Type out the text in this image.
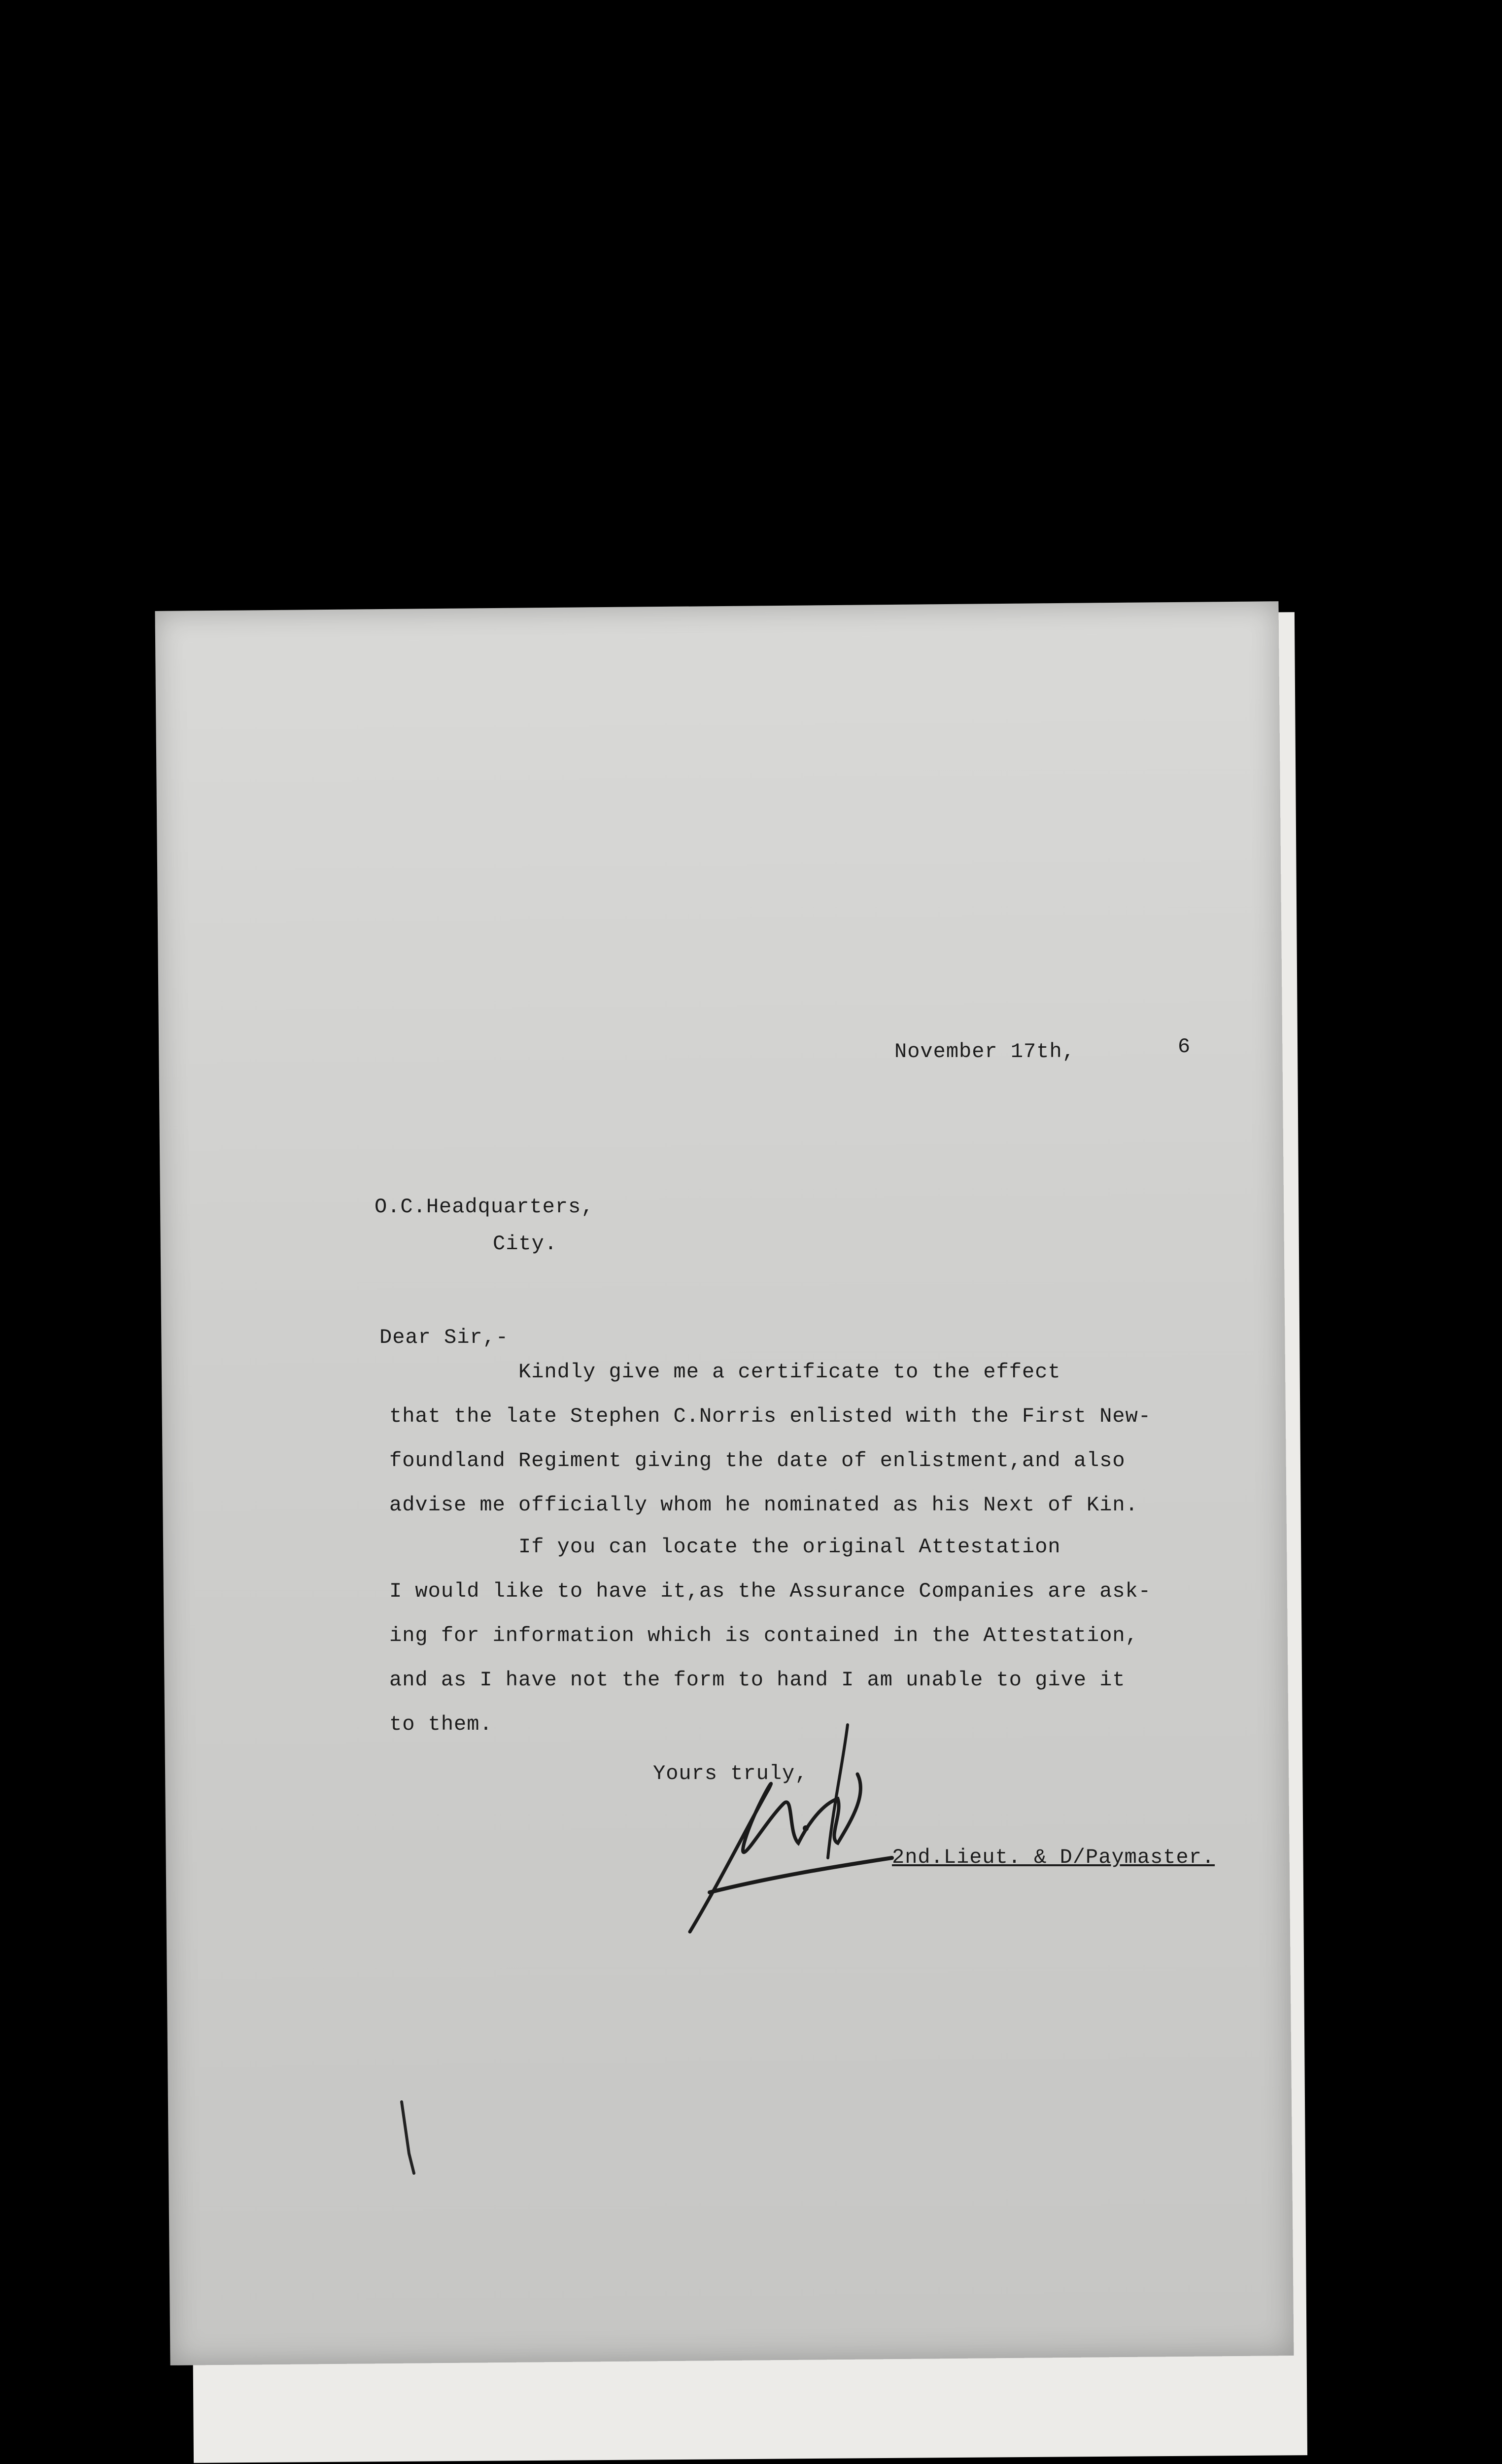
November 17th,	6
O.C.Headquarters,
City.
Dear Sir,-
Kindly give me a certificate to the effect
that the late Stephen C.Norris enlisted with the First New-
foundland Regiment giving the date of enlistment,and also
advise me officially whom he nominated as his Next of Kin.
If you can locate the original Attestation
I would like to have it,as the Assurance Companies are ask-
ing for information which is contained in the Attestation,
and as I have not the form to hand I am unable to give it
to them.
Yours truly,
2nd.Lieut. & D/Paymaster.
